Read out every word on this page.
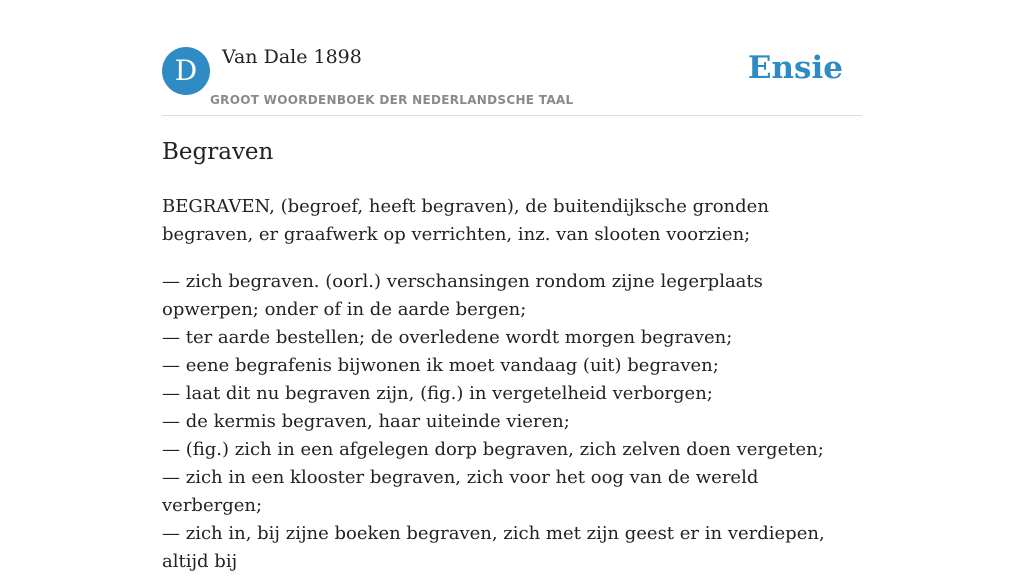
D	Van Dale 1898
GROOT WOORDENBOEK DER NEDERLANDSCHE TAAL
Ensie
Begraven

BEGRAVEN, (begroef, heeft begraven), de buitendijksche gronden begraven, er graafwerk op verrichten, inz. van slooten voorzien;

— zich begraven. (oorl.) verschansingen rondom zijne legerplaats opwerpen; onder of in de aarde bergen;
— ter aarde bestellen; de overledene wordt morgen begraven;
— eene begrafenis bijwonen ik moet vandaag (uit) begraven;
— laat dit nu begraven zijn, (fig.) in vergetelheid verborgen;
— de kermis begraven, haar uiteinde vieren;
— (fig.) zich in een afgelegen dorp begraven, zich zelven doen vergeten;
— zich in een klooster begraven, zich voor het oog van de wereld verbergen;
— zich in, bij zijne boeken begraven, zich met zijn geest er in verdiepen, altijd bij
